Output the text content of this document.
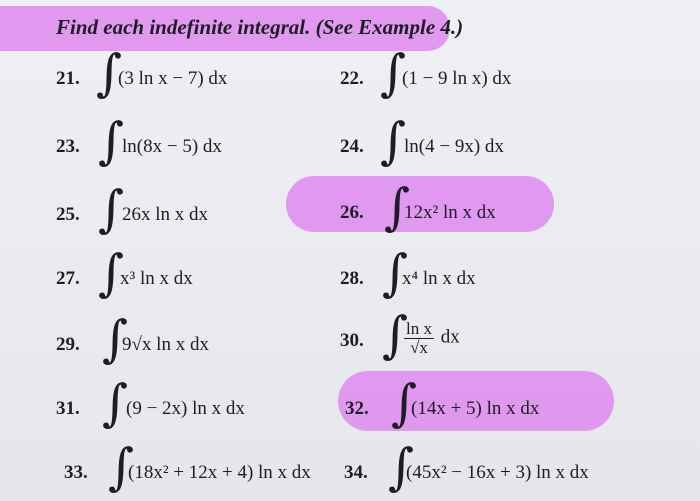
Find each indefinite integral. (See Example 4.)
21. ∫
(3 ln x − 7) dx	22. ∫
(1 − 9 ln x) dx
23. ∫
ln(8x − 5) dx	24. ∫
ln(4 − 9x) dx
25. ∫
26x ln x dx	26. ∫
12x² ln x dx
27. ∫
x³ ln x dx	28. ∫
x⁴ ln x dx
29. ∫
9√x ln x dx	30. ∫
$\frac{\text{ln x}}{√x}$ dx
31. ∫
(9 − 2x) ln x dx	32. ∫
(14x + 5) ln x dx
33. ∫
(18x² + 12x + 4) ln x dx 34. ∫
(45x² − 16x + 3) ln x dx
